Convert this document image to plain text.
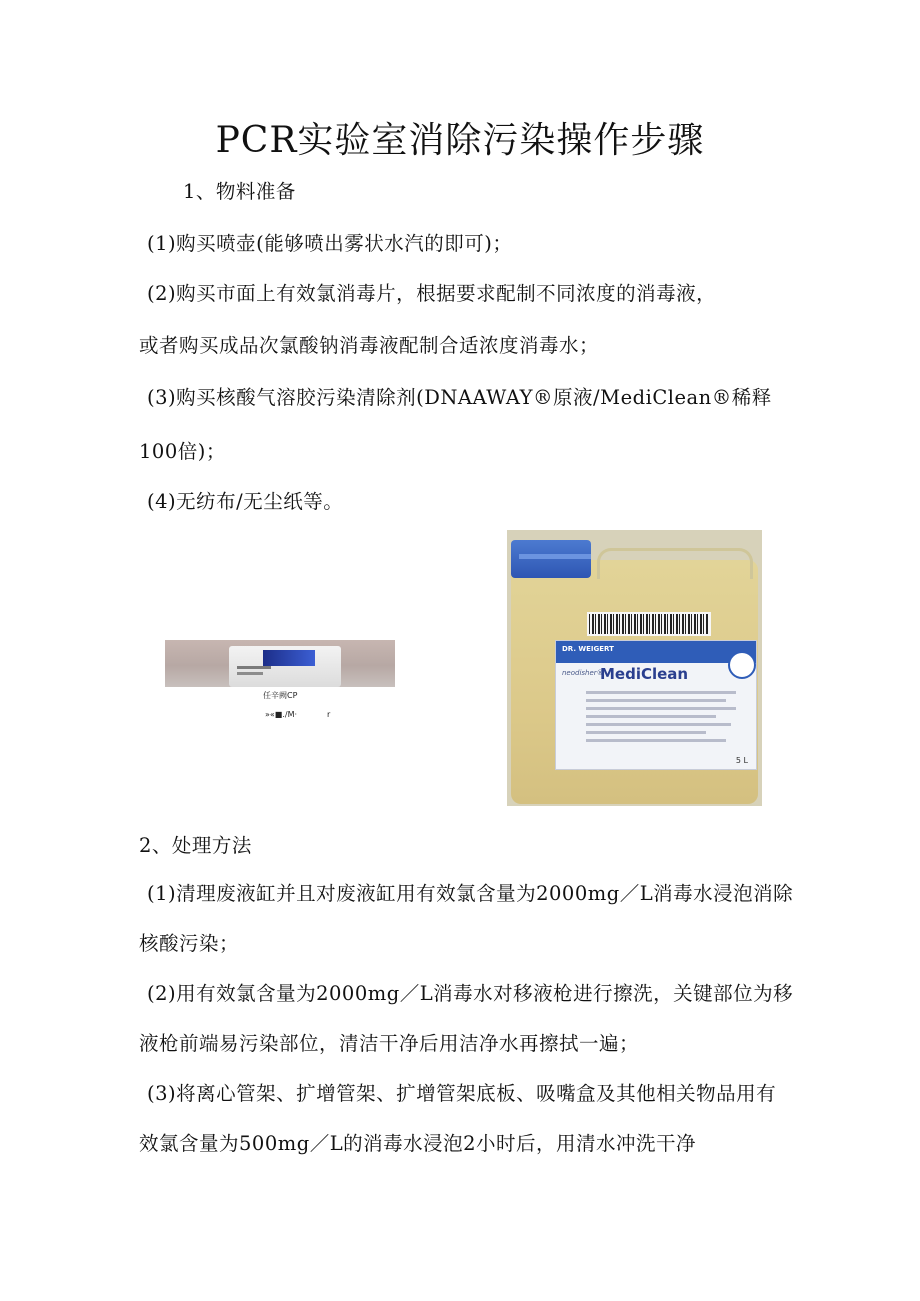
PCR实验室消除污染操作步骤
1、物料准备
(1)购买喷壶(能够喷出雾状水汽的即可)；
(2)购买市面上有效氯消毒片，根据要求配制不同浓度的消毒液，
或者购买成品次氯酸钠消毒液配制合适浓度消毒水；
(3)购买核酸气溶胶污染清除剂(DNAAWAY®原液/MediClean®稀释
100倍)；
(4)无纺布/无尘纸等。
任辛阙CP
»«■./M·	r
DR. WEIGERT
neodisher®
MediClean
5 L
2、处理方法
(1)清理废液缸并且对废液缸用有效氯含量为2000mg／L消毒水浸泡消除
核酸污染；
(2)用有效氯含量为2000mg／L消毒水对移液枪进行擦洗，关键部位为移
液枪前端易污染部位，清洁干净后用洁净水再擦拭一遍；
(3)将离心管架、扩增管架、扩增管架底板、吸嘴盒及其他相关物品用有
效氯含量为500mg／L的消毒水浸泡2小时后，用清水冲洗干净
